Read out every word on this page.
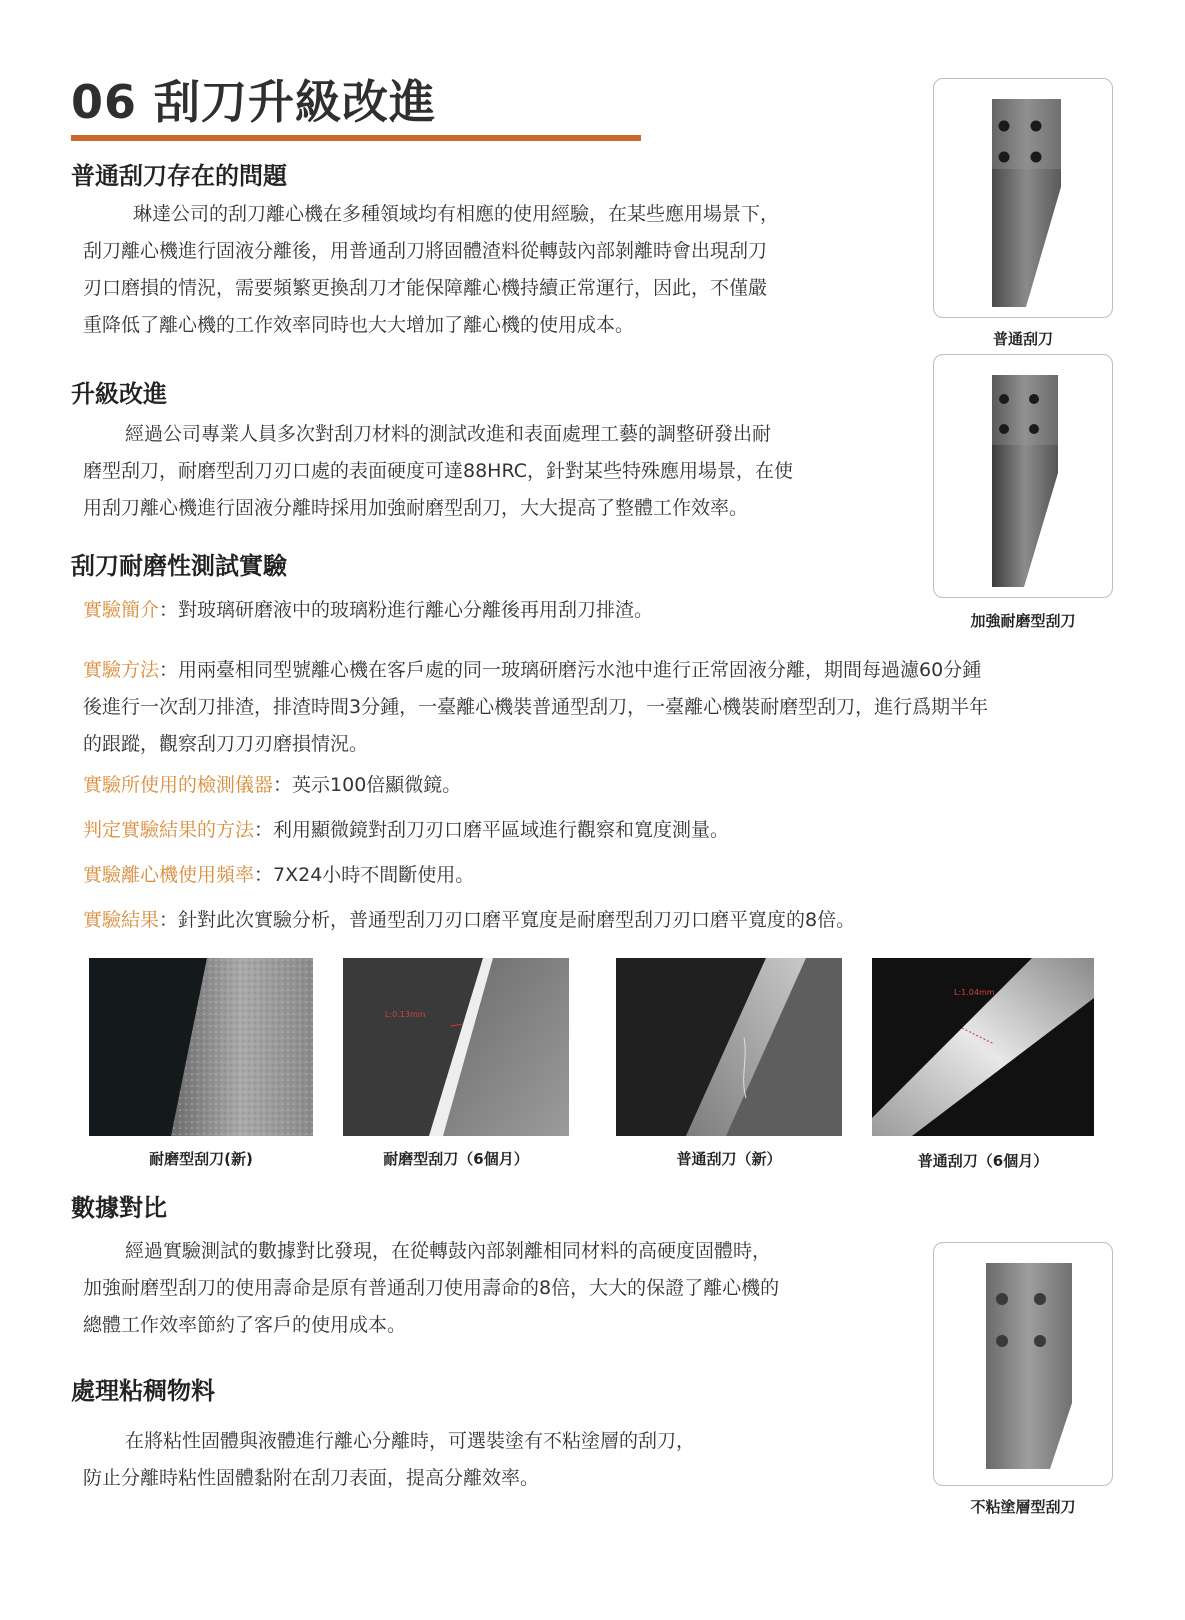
06 刮刀升級改進
普通刮刀存在的問題
琳達公司的刮刀離心機在多種領域均有相應的使用經驗，在某些應用場景下，
刮刀離心機進行固液分離後，用普通刮刀將固體渣料從轉鼓內部剝離時會出現刮刀
刃口磨損的情況，需要頻繁更換刮刀才能保障離心機持續正常運行，因此，不僅嚴
重降低了離心機的工作效率同時也大大增加了離心機的使用成本。
升級改進
經過公司專業人員多次對刮刀材料的測試改進和表面處理工藝的調整研發出耐
磨型刮刀，耐磨型刮刀刃口處的表面硬度可達88HRC，針對某些特殊應用場景，在使
用刮刀離心機進行固液分離時採用加強耐磨型刮刀，大大提高了整體工作效率。
刮刀耐磨性測試實驗
實驗簡介：對玻璃研磨液中的玻璃粉進行離心分離後再用刮刀排渣。
實驗方法：用兩臺相同型號離心機在客戶處的同一玻璃研磨污水池中進行正常固液分離，期間每過濾60分鍾
後進行一次刮刀排渣，排渣時間3分鍾，一臺離心機裝普通型刮刀，一臺離心機裝耐磨型刮刀，進行爲期半年
的跟蹤，觀察刮刀刀刃磨損情況。
實驗所使用的檢測儀器：英示100倍顯微鏡。
判定實驗結果的方法：利用顯微鏡對刮刀刃口磨平區域進行觀察和寬度測量。
實驗離心機使用頻率：7X24小時不間斷使用。
實驗結果：針對此次實驗分析，普通型刮刀刃口磨平寬度是耐磨型刮刀刃口磨平寬度的8倍。
L:0.13mm
L:1.04mm
耐磨型刮刀(新)	耐磨型刮刀（6個月）	普通刮刀（新）	普通刮刀（6個月）
數據對比
經過實驗測試的數據對比發現，在從轉鼓內部剝離相同材料的高硬度固體時，
加強耐磨型刮刀的使用壽命是原有普通刮刀使用壽命的8倍，大大的保證了離心機的
總體工作效率節約了客戶的使用成本。
處理粘稠物料
在將粘性固體與液體進行離心分離時，可選裝塗有不粘塗層的刮刀，
防止分離時粘性固體黏附在刮刀表面，提高分離效率。
普通刮刀
加強耐磨型刮刀
不粘塗層型刮刀
